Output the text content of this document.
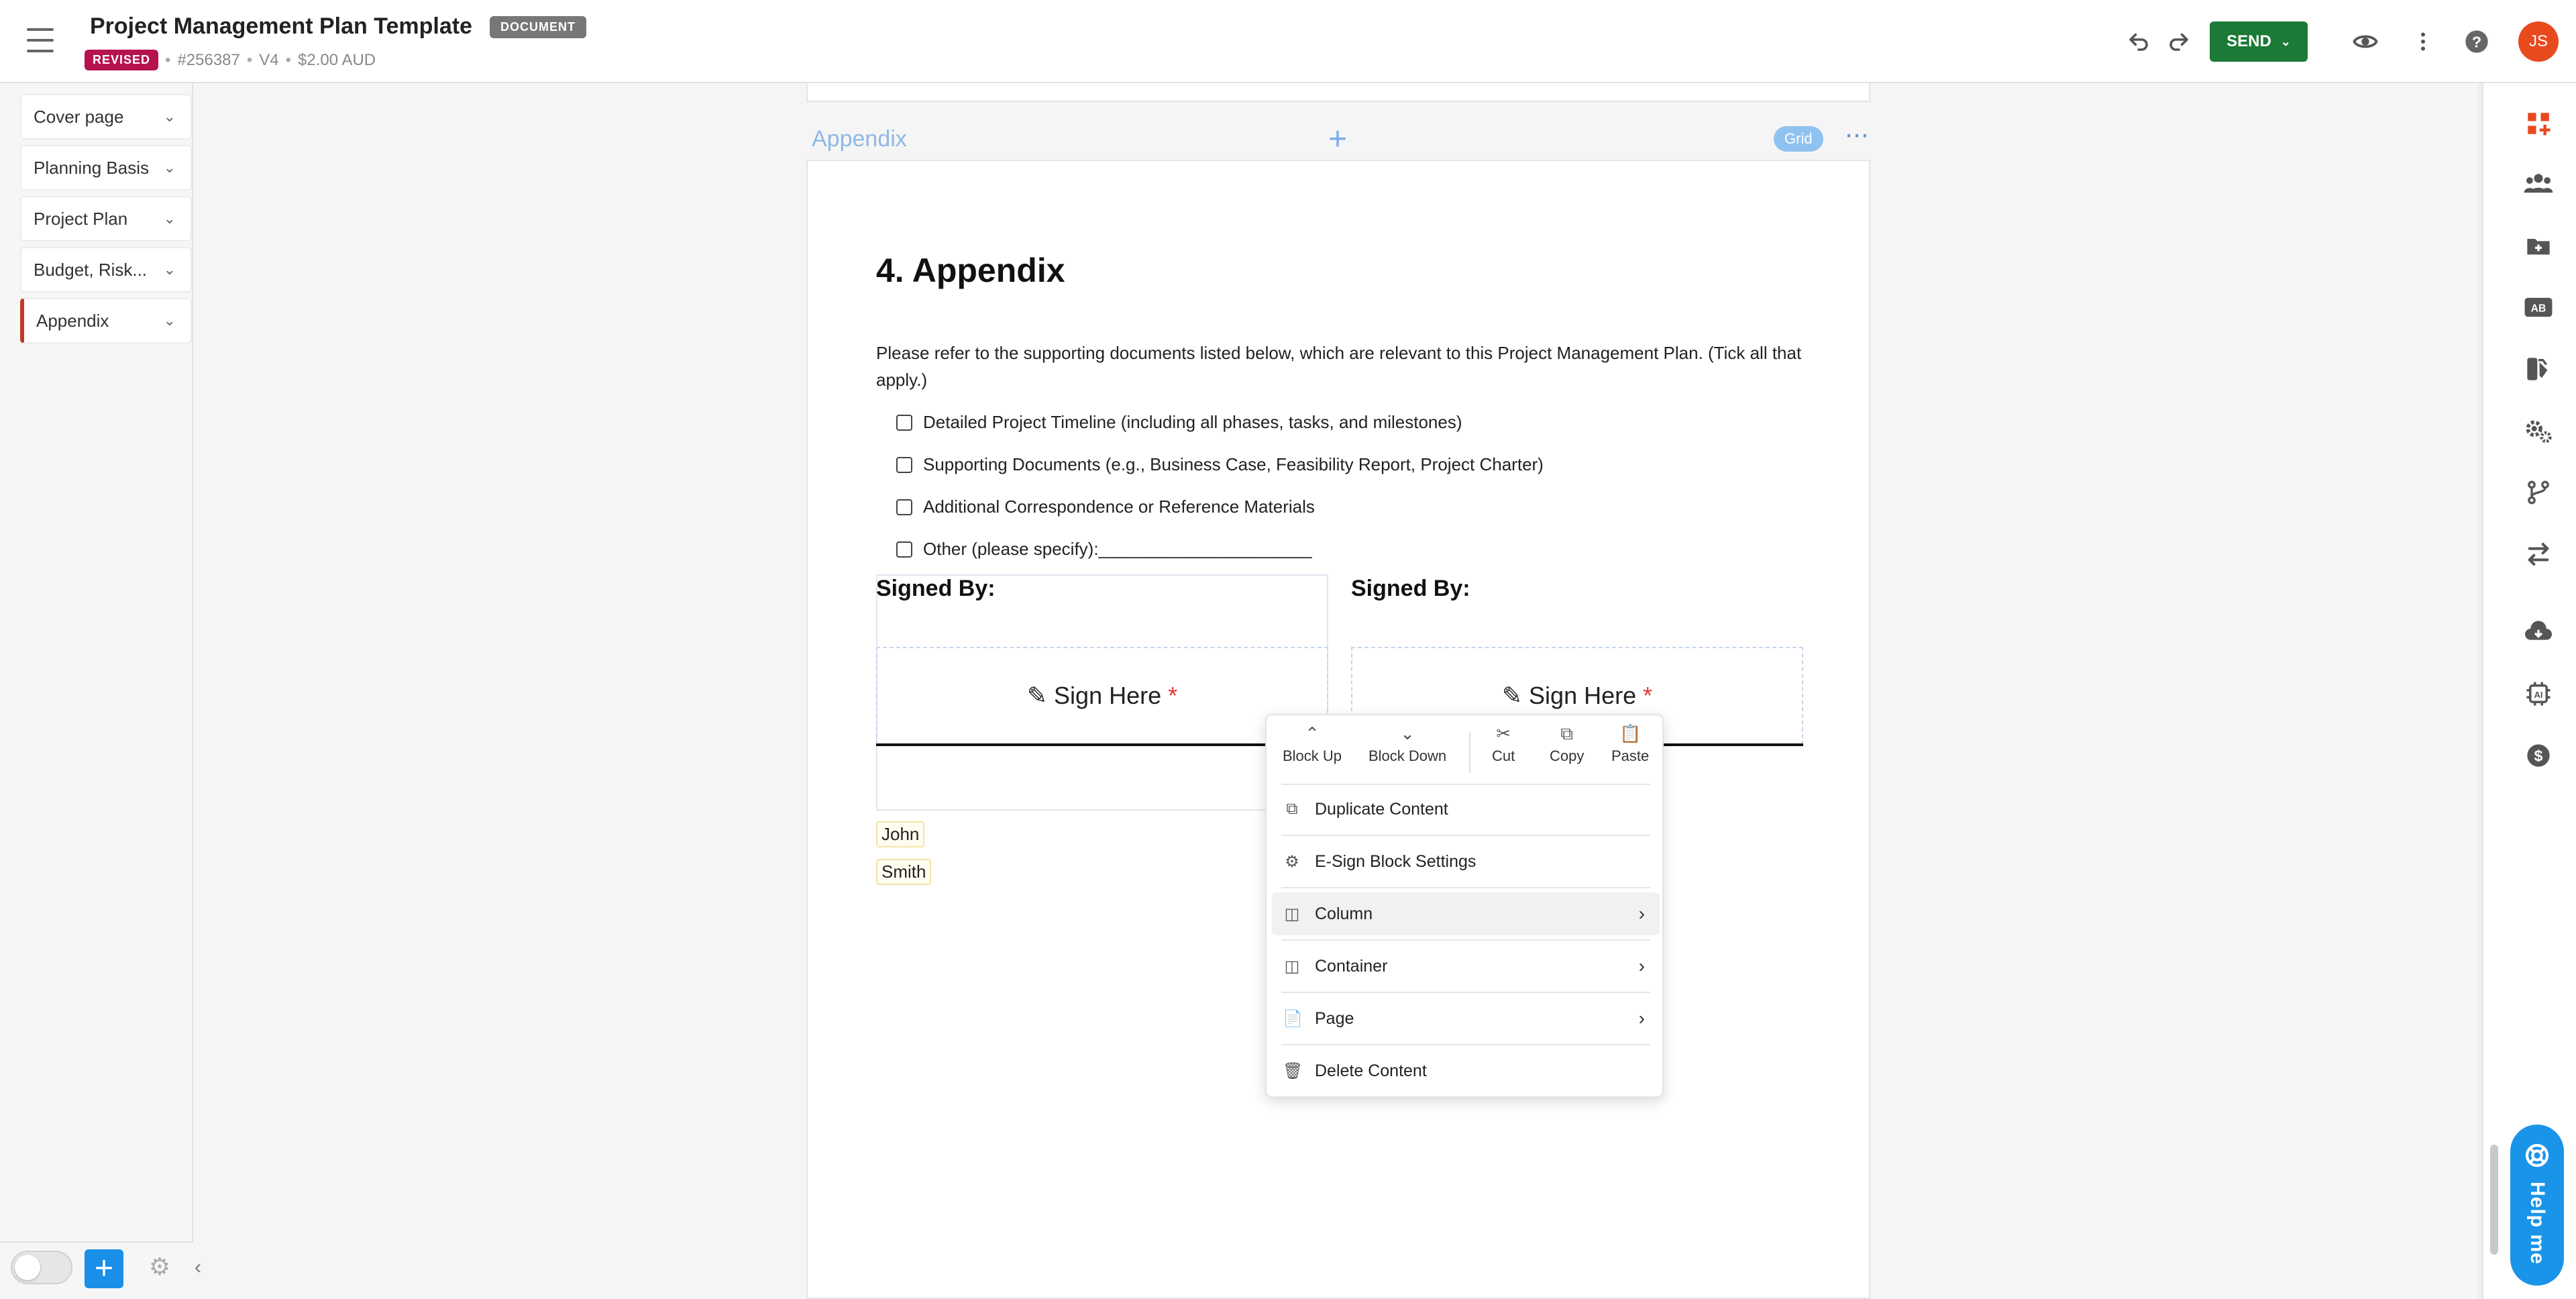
Project Management Plan Template	DOCUMENT
REVISED • #256387 • V4 • $2.00 AUD
SEND ⌄	?	JS
Cover page	⌄
Planning Basis ⌄
Project Plan ⌄
Budget, Risk... ⌄
Appendix	⌄
+	⚙ ‹
Appendix	+	Grid	⋯
4. Appendix
Please refer to the supporting documents listed below, which are relevant to this Project Management Plan. (Tick all that apply.)
Detailed Project Timeline (including all phases, tasks, and milestones)
Supporting Documents (e.g., Business Case, Feasibility Report, Project Charter)
Additional Correspondence or Reference Materials
Other (please specify):______________________
Signed By:
✎ Sign Here *
Signed By:
✎ Sign Here *
John
Smith
⌃
Block Up
⌄
Block Down
✂
Cut
⧉
Copy
📋
Paste
⧉ Duplicate Content
⚙ E-Sign Block Settings
◫ Column	›
◫ Container	›
📄 Page	›
🗑 Delete Content
AB
AI
$
Help me
